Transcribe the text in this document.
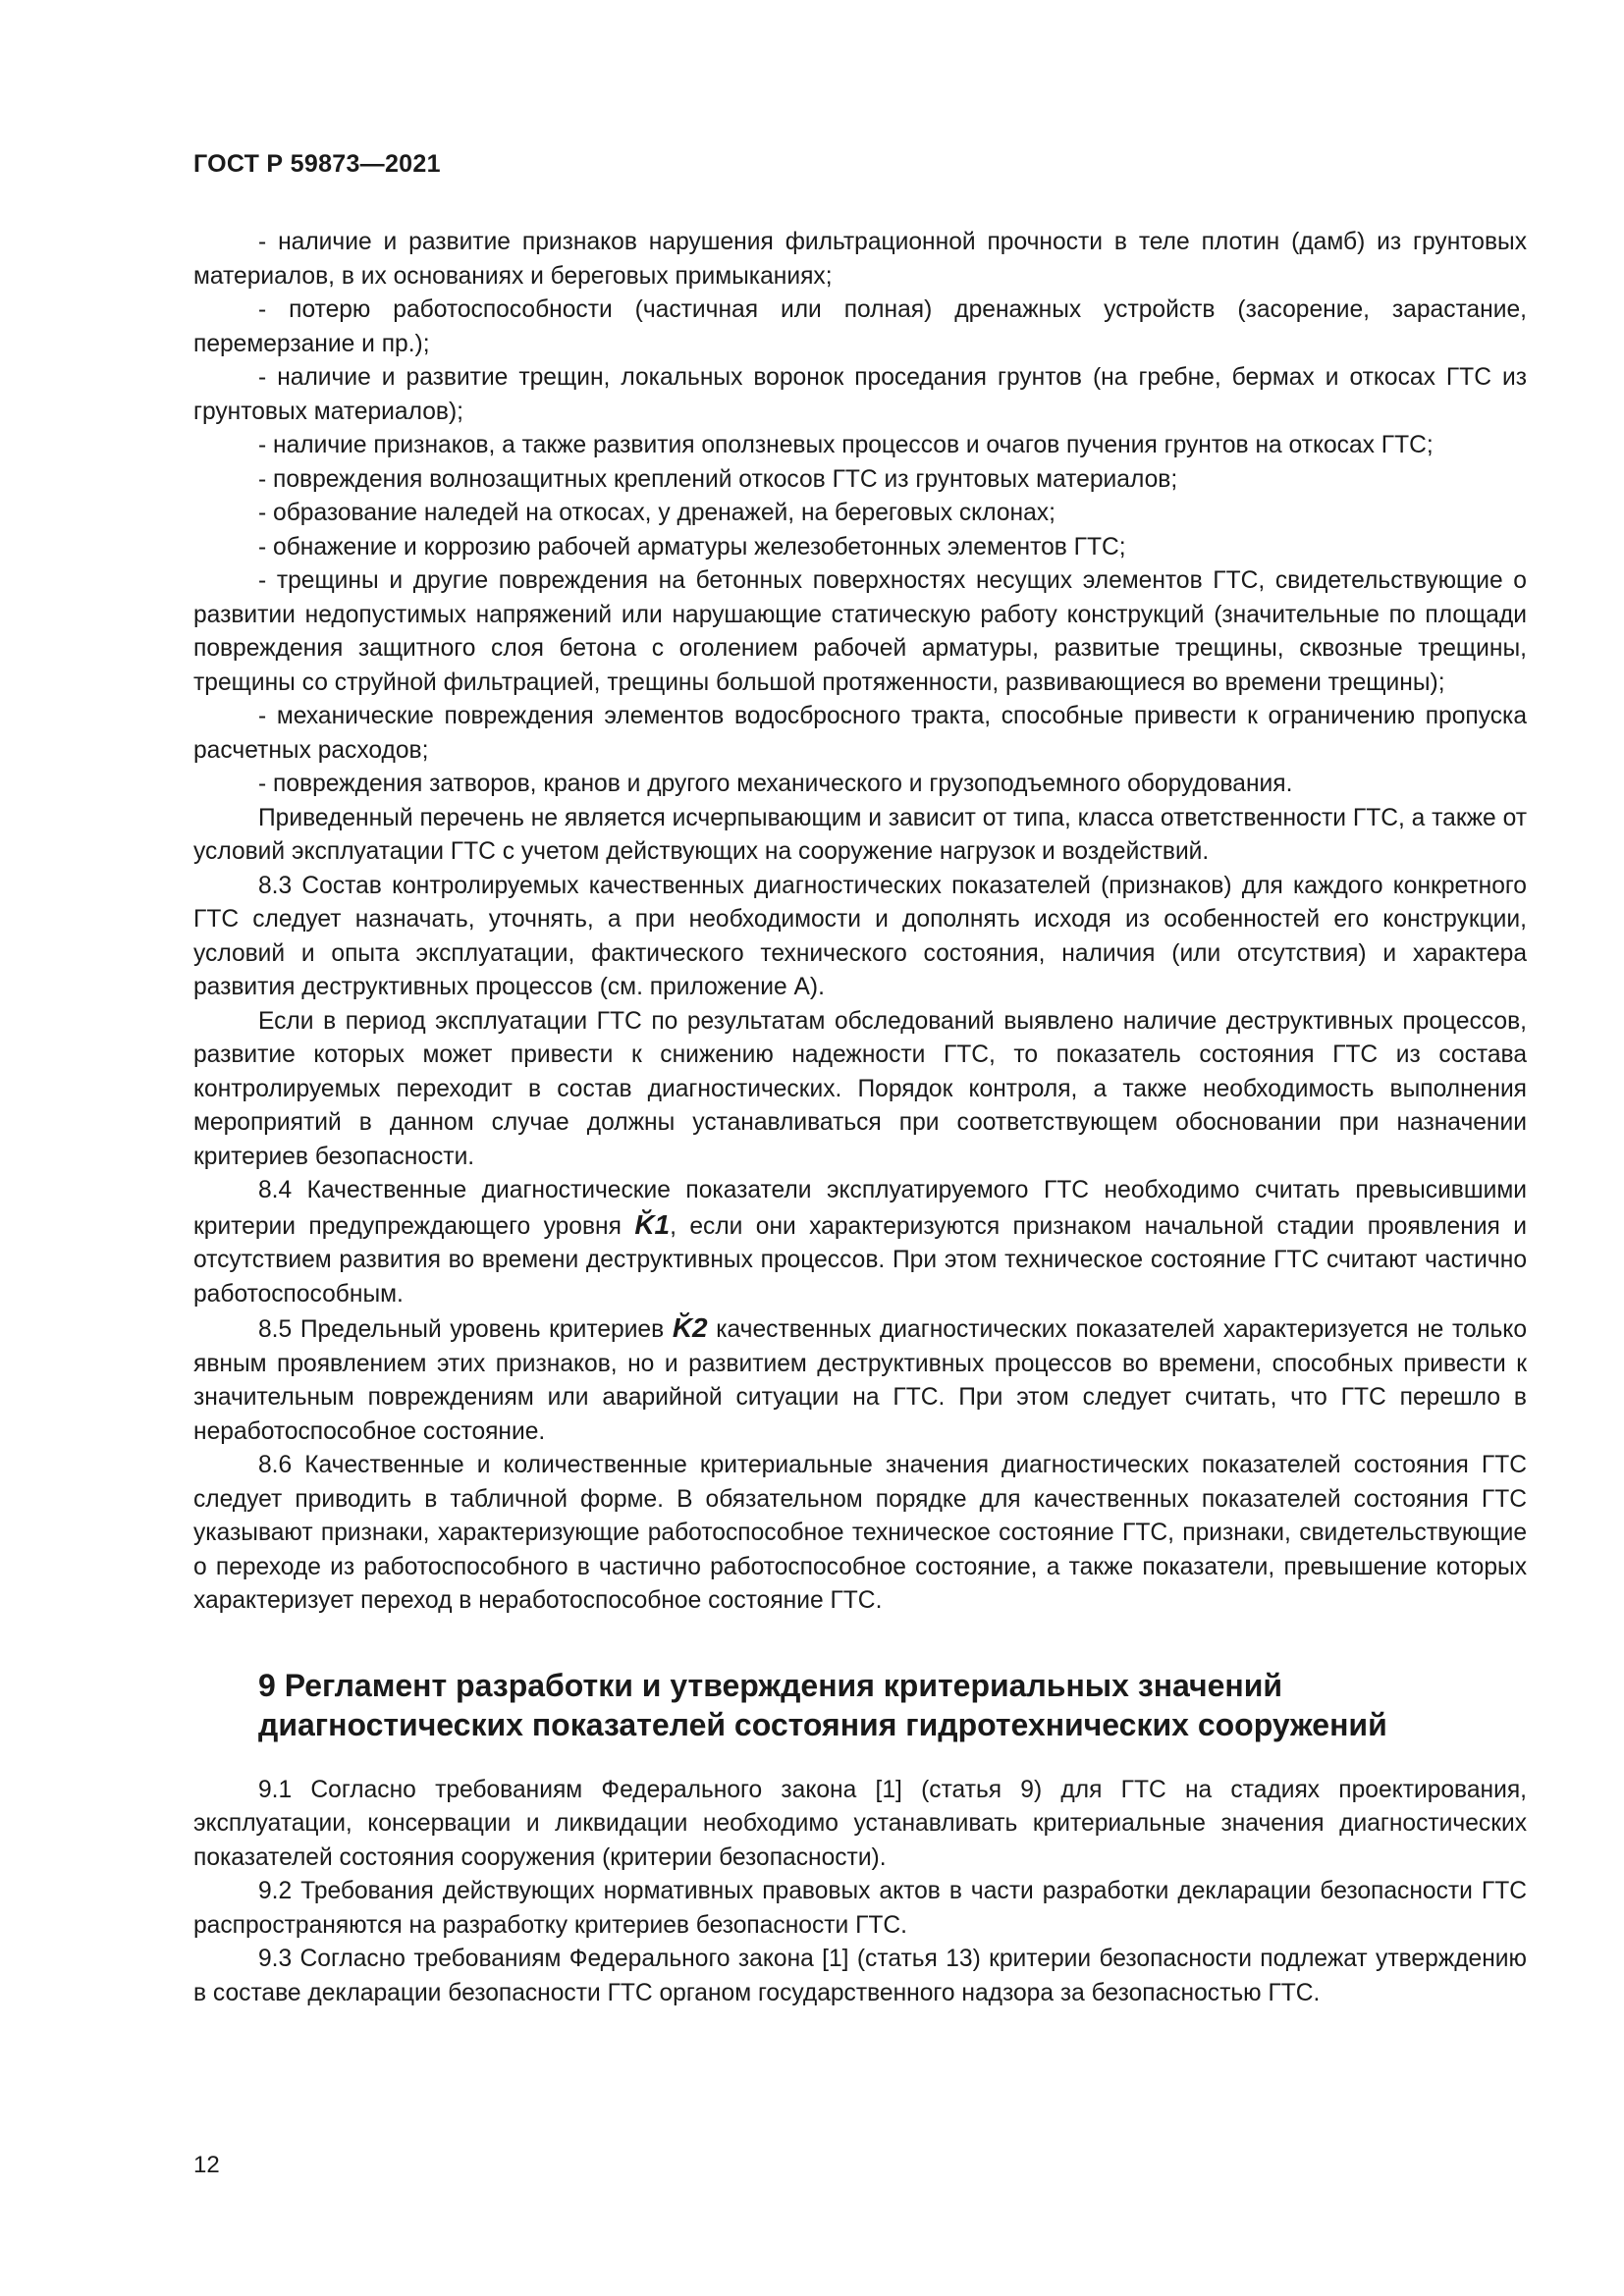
ГОСТ Р 59873—2021

- наличие и развитие признаков нарушения фильтрационной прочности в теле плотин (дамб) из грунтовых материалов, в их основаниях и береговых примыканиях;

- потерю работоспособности (частичная или полная) дренажных устройств (засорение, зарастание, перемерзание и пр.);

- наличие и развитие трещин, локальных воронок проседания грунтов (на гребне, бермах и откосах ГТС из грунтовых материалов);

- наличие признаков, а также развития оползневых процессов и очагов пучения грунтов на откосах ГТС;

- повреждения волнозащитных креплений откосов ГТС из грунтовых материалов;

- образование наледей на откосах, у дренажей, на береговых склонах;

- обнажение и коррозию рабочей арматуры железобетонных элементов ГТС;

- трещины и другие повреждения на бетонных поверхностях несущих элементов ГТС, свидетельствующие о развитии недопустимых напряжений или нарушающие статическую работу конструкций (значительные по площади повреждения защитного слоя бетона с оголением рабочей арматуры, развитые трещины, сквозные трещины, трещины со струйной фильтрацией, трещины большой протяженности, развивающиеся во времени трещины);

- механические повреждения элементов водосбросного тракта, способные привести к ограничению пропуска расчетных расходов;

- повреждения затворов, кранов и другого механического и грузоподъемного оборудования.

Приведенный перечень не является исчерпывающим и зависит от типа, класса ответственности ГТС, а также от условий эксплуатации ГТС с учетом действующих на сооружение нагрузок и воздействий.

8.3 Состав контролируемых качественных диагностических показателей (признаков) для каждого конкретного ГТС следует назначать, уточнять, а при необходимости и дополнять исходя из особенностей его конструкции, условий и опыта эксплуатации, фактического технического состояния, наличия (или отсутствия) и характера развития деструктивных процессов (см. приложение А).

Если в период эксплуатации ГТС по результатам обследований выявлено наличие деструктивных процессов, развитие которых может привести к снижению надежности ГТС, то показатель состояния ГТС из состава контролируемых переходит в состав диагностических. Порядок контроля, а также необходимость выполнения мероприятий в данном случае должны устанавливаться при соответствующем обосновании при назначении критериев безопасности.

8.4 Качественные диагностические показатели эксплуатируемого ГТС необходимо считать превысившими критерии предупреждающего уровня K̆1, если они характеризуются признаком начальной стадии проявления и отсутствием развития во времени деструктивных процессов. При этом техническое состояние ГТС считают частично работоспособным.

8.5 Предельный уровень критериев K̆2 качественных диагностических показателей характеризуется не только явным проявлением этих признаков, но и развитием деструктивных процессов во времени, способных привести к значительным повреждениям или аварийной ситуации на ГТС. При этом следует считать, что ГТС перешло в неработоспособное состояние.

8.6 Качественные и количественные критериальные значения диагностических показателей состояния ГТС следует приводить в табличной форме. В обязательном порядке для качественных показателей состояния ГТС указывают признаки, характеризующие работоспособное техническое состояние ГТС, признаки, свидетельствующие о переходе из работоспособного в частично работоспособное состояние, а также показатели, превышение которых характеризует переход в неработоспособное состояние ГТС.

9 Регламент разработки и утверждения критериальных значений
диагностических показателей состояния гидротехнических сооружений

9.1 Согласно требованиям Федерального закона [1] (статья 9) для ГТС на стадиях проектирования, эксплуатации, консервации и ликвидации необходимо устанавливать критериальные значения диагностических показателей состояния сооружения (критерии безопасности).

9.2 Требования действующих нормативных правовых актов в части разработки декларации безопасности ГТС распространяются на разработку критериев безопасности ГТС.

9.3 Согласно требованиям Федерального закона [1] (статья 13) критерии безопасности подлежат утверждению в составе декларации безопасности ГТС органом государственного надзора за безопасностью ГТС.

12
